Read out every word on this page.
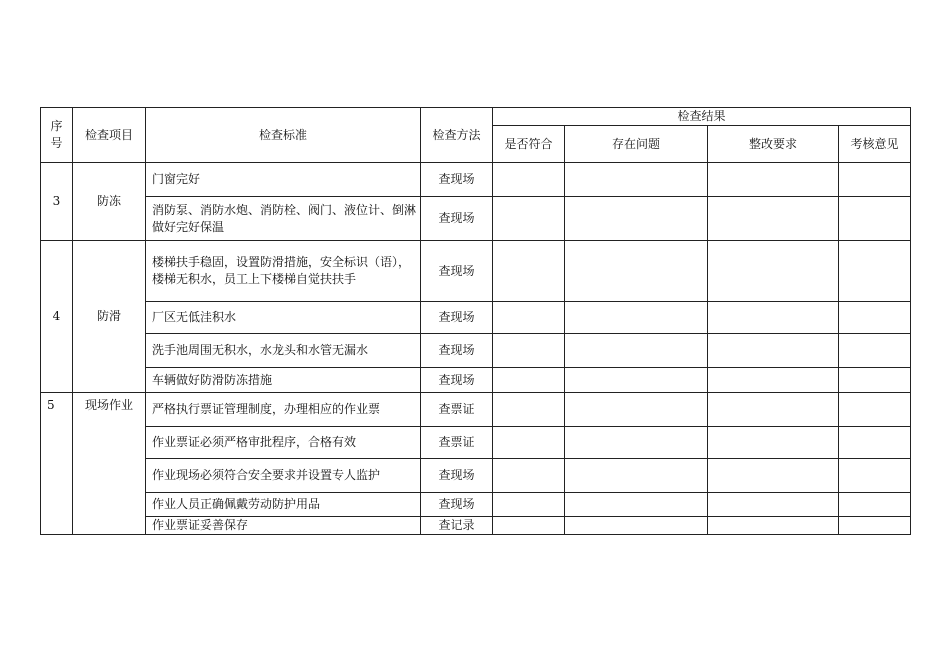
序号	检查项目	检查标准	检查方法	检查结果			
				是否符合	存在问题	整改要求	考核意见
3	防冻	门窗完好	查现场				
		消防泵、消防水炮、消防栓、阀门、液位计、倒淋做好完好保温	查现场				
4	防滑	楼梯扶手稳固，设置防滑措施，安全标识（语），楼梯无积水，员工上下楼梯自觉扶扶手	查现场				
		厂区无低洼积水	查现场				
		洗手池周围无积水，水龙头和水管无漏水	查现场				
		车辆做好防滑防冻措施	查现场				
5	现场作业	严格执行票证管理制度，办理相应的作业票	查票证				
		作业票证必须严格审批程序，合格有效	查票证				
		作业现场必须符合安全要求并设置专人监护	查现场				
		作业人员正确佩戴劳动防护用品	查现场				
		作业票证妥善保存	查记录				
